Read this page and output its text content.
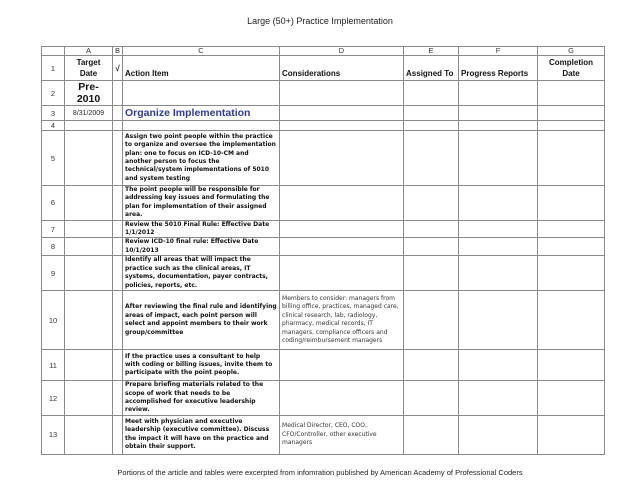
Large (50+) Practice Implementation
	A	B	C	D	E	F	G
1	Target Date	√	Action Item	Considerations	Assigned To	Progress Reports	Completion Date
2	Pre-2010						
3	8/31/2009		Organize Implementation				
4							
5			Assign two point people within the practice to organize and oversee the implementation plan: one to focus on ICD-10-CM and another person to focus the technical/system implementations of 5010 and system testing				
6			The point people will be responsible for addressing key issues and formulating the plan for implementation of their assigned area.				
7			Review the 5010 Final Rule: Effective Date 1/1/2012				
8			Review ICD-10 final rule: Effective Date 10/1/2013				
9			Identify all areas that will impact the practice such as the clinical areas, IT systems, documentation, payer contracts, policies, reports, etc.				
10			After reviewing the final rule and identifying areas of impact, each point person will select and appoint members to their work group/committee	Members to consider: managers from billing office, practices, managed care, clinical research, lab, radiology, pharmacy, medical records, IT managers, compliance officers and coding/reimbursement managers			
11			If the practice uses a consultant to help with coding or billing issues, invite them to participate with the point people.				
12			Prepare briefing materials related to the scope of work that needs to be accomplished for executive leadership review.				
13			Meet with physician and executive leadership (executive committee). Discuss the impact it will have on the practice and obtain their support.	Medical Director, CEO, COO, CFO/Controller, other executive managers			
Portions of the article and tables were excerpted from infomration published by American Academy of Professional Coders
